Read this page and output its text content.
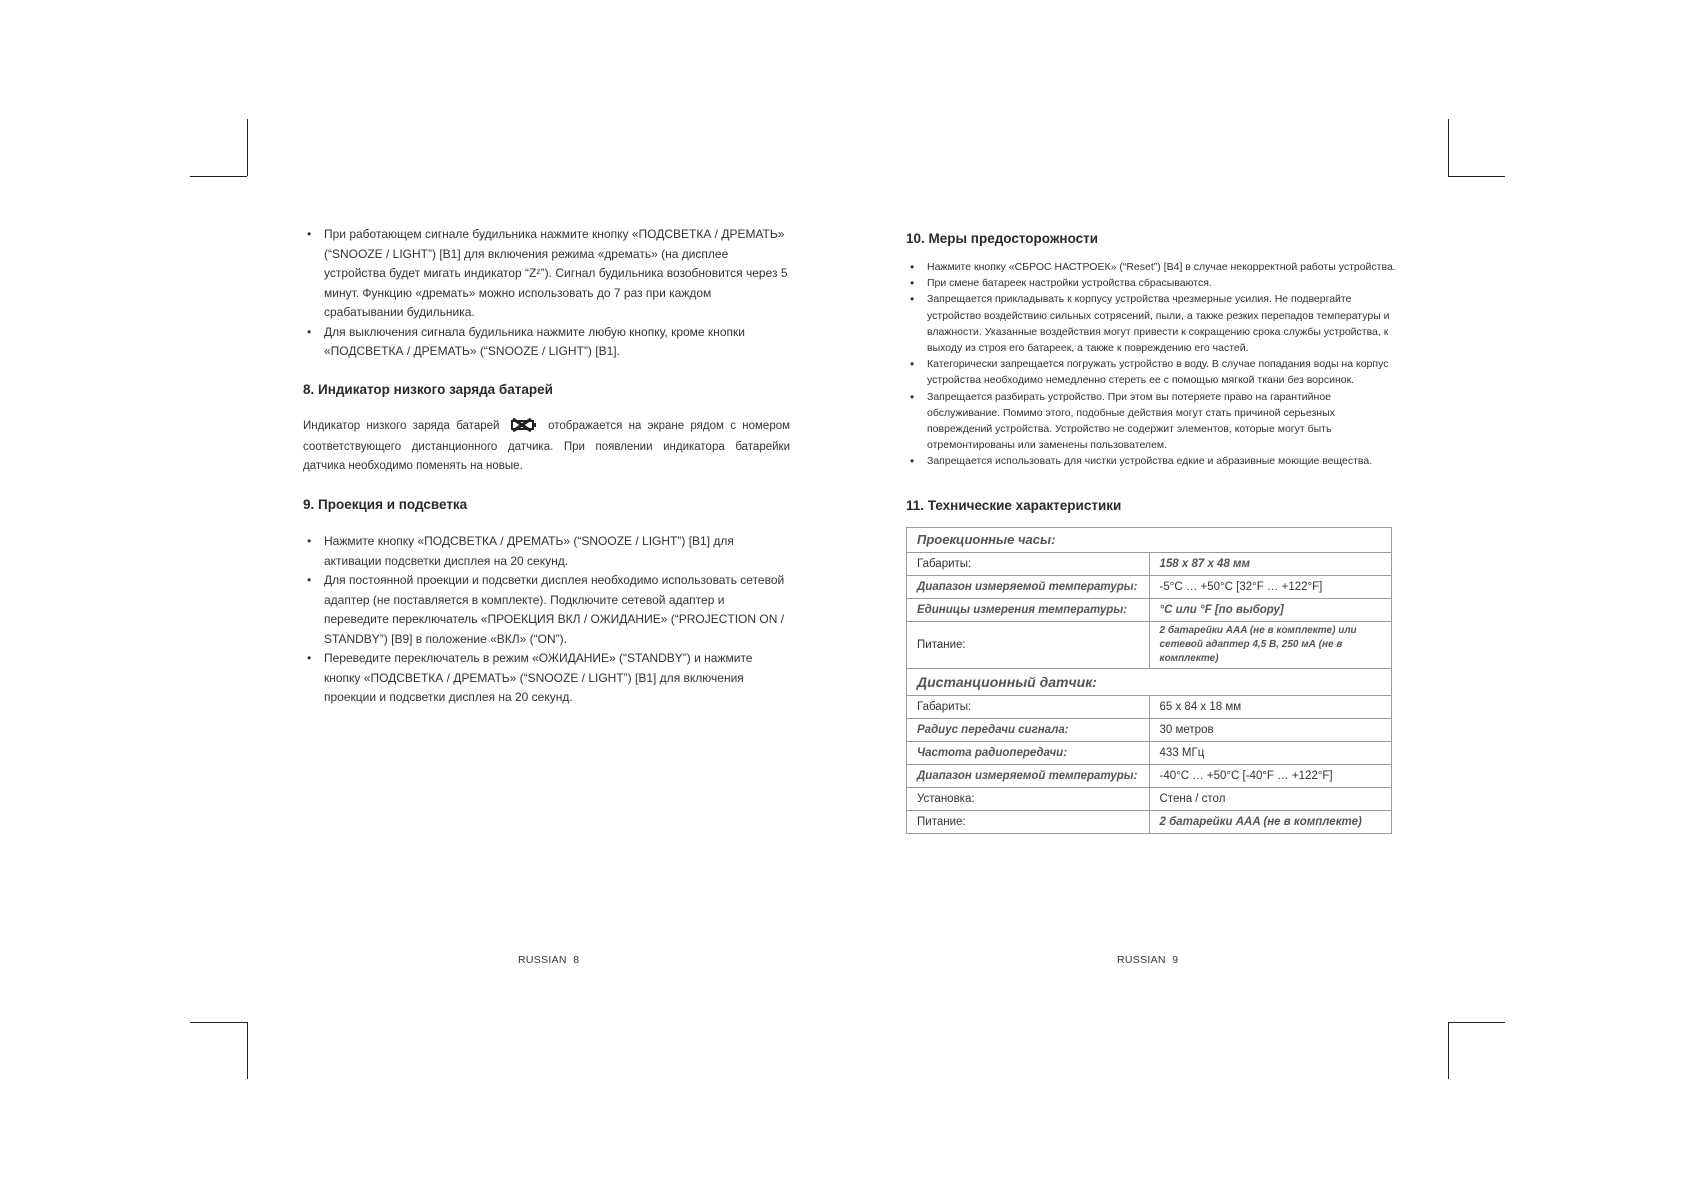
• При работающем сигнале будильника нажмите кнопку «ПОДСВЕТКА / ДРЕМАТЬ» (“SNOOZE / LIGHT”) [B1] для включения режима «дремать» (на дисплее устройства будет мигать индикатор “Zᶻ”). Сигнал будильника возобновится через 5 минут. Функцию «дремать» можно использовать до 7 раз при каждом срабатывании будильника.
• Для выключения сигнала будильника нажмите любую кнопку, кроме кнопки «ПОДСВЕТКА / ДРЕМАТЬ» (“SNOOZE / LIGHT”) [B1].
8. Индикатор низкого заряда батарей

Индикатор низкого заряда батарей	отображается на экране рядом с номером соответствующего дистанционного датчика. При появлении индикатора батарейки датчика необходимо поменять на новые.

9. Проекция и подсветка
• Нажмите кнопку «ПОДСВЕТКА / ДРЕМАТЬ» (“SNOOZE / LIGHT”) [B1] для активации подсветки дисплея на 20 секунд.
• Для постоянной проекции и подсветки дисплея необходимо использовать сетевой адаптер (не поставляется в комплекте). Подключите сетевой адаптер и переведите переключатель «ПРОЕКЦИЯ ВКЛ / ОЖИДАНИЕ» (“PROJECTION ON / STANDBY”) [B9] в положение «ВКЛ» (“ON”).
• Переведите переключатель в режим «ОЖИДАНИЕ» (“STANDBY”) и нажмите кнопку «ПОДСВЕТКА / ДРЕМАТЬ» (“SNOOZE / LIGHT”) [B1] для включения проекции и подсветки дисплея на 20 секунд.
10. Меры предосторожности
• Нажмите кнопку «СБРОС НАСТРОЕК» (“Reset”) [B4] в случае некорректной работы устройства.
• При смене батареек настройки устройства сбрасываются.
• Запрещается прикладывать к корпусу устройства чрезмерные усилия. Не подвергайте устройство воздействию сильных сотрясений, пыли, а также резких перепадов температуры и влажности. Указанные воздействия могут привести к сокращению срока службы устройства, к выходу из строя его батареек, а также к повреждению его частей.
• Категорически запрещается погружать устройство в воду. В случае попадания воды на корпус устройства необходимо немедленно стереть ее с помощью мягкой ткани без ворсинок.
• Запрещается разбирать устройство. При этом вы потеряете право на гарантийное обслуживание. Помимо этого, подобные действия могут стать причиной серьезных повреждений устройства. Устройство не содержит элементов, которые могут быть отремонтированы или заменены пользователем.
• Запрещается использовать для чистки устройства едкие и абразивные моющие вещества.
11. Технические характеристики
Проекционные часы:	
Габариты:	158 x 87 x 48 мм
Диапазон измеряемой температуры:	-5°C … +50°C [32°F … +122°F]
Единицы измерения температуры:	°C или °F [по выбору]
Питание:	2 батарейки AAA (не в комплекте) или сетевой адаптер 4,5 В, 250 мА (не в комплекте)
Дистанционный датчик:	
Габариты:	65 x 84 x 18 мм
Радиус передачи сигнала:	30 метров
Частота радиопередачи:	433 МГц
Диапазон измеряемой температуры:	-40°C … +50°C [-40°F … +122°F]
Установка:	Стена / стол
Питание:	2 батарейки AAA (не в комплекте)
RUSSIAN  8	RUSSIAN  9
